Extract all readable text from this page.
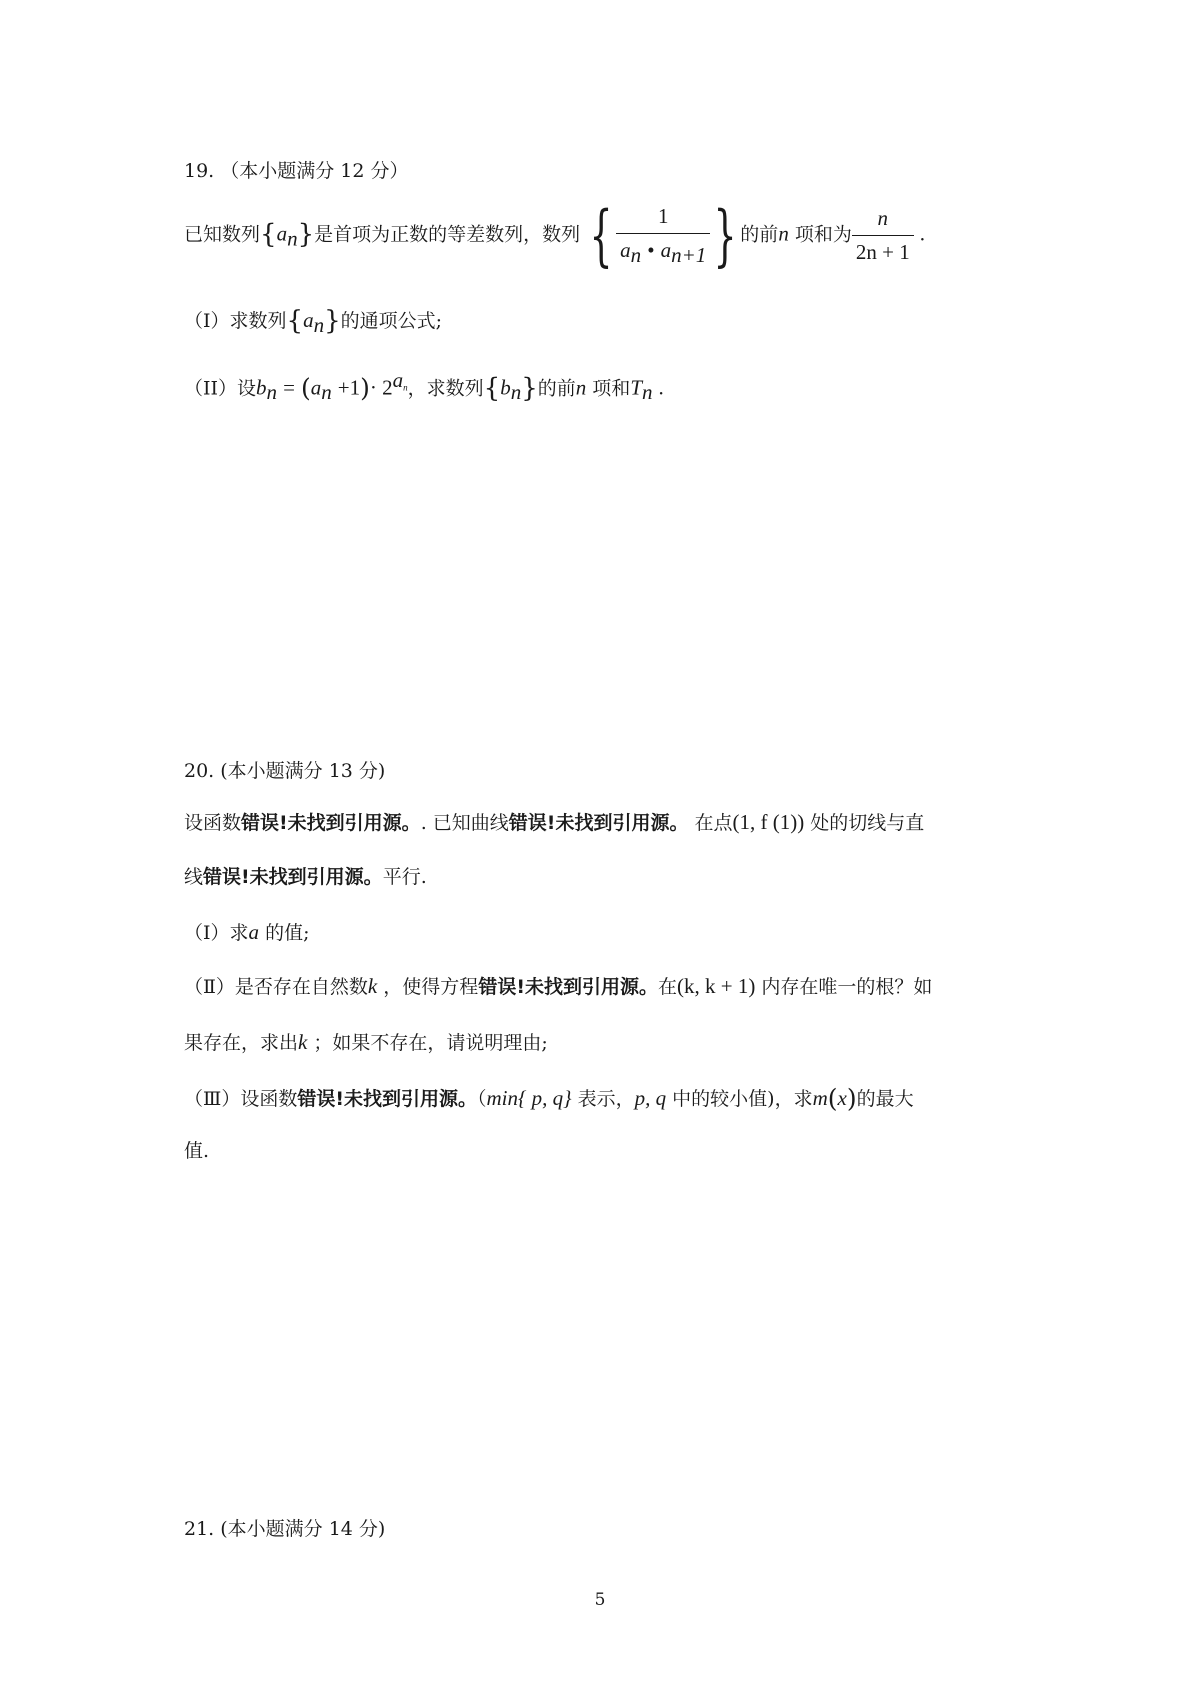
19. （本小题满分 12 分）
已知数列$\{a_n\}$是首项为正数的等差数列，数列 { $\frac{1}{a_n • a_{n+1}}$ } 的前n 项和为 $\frac{n}{2n + 1}$ .
（I）求数列$\{a_n\}$的通项公式;
（II）设$b_n = (a_n +1)\cdot 2^{a_n}$，求数列$\{b_n\}$的前n 项和$T_n$ .
20. (本小题满分 13 分)
设函数错误!未找到引用源。. 已知曲线错误!未找到引用源。 在点(1, f (1)) 处的切线与直
线错误!未找到引用源。平行.
（Ⅰ）求a 的值;
（Ⅱ）是否存在自然数k ，使得方程错误!未找到引用源。在(k, k + 1) 内存在唯一的根？如
果存在，求出k ；如果不存在，请说明理由;
（Ⅲ）设函数错误!未找到引用源。（min{ p, q} 表示，p, q 中的较小值)，求m(x)的最大
值.
21. (本小题满分 14 分)
5
